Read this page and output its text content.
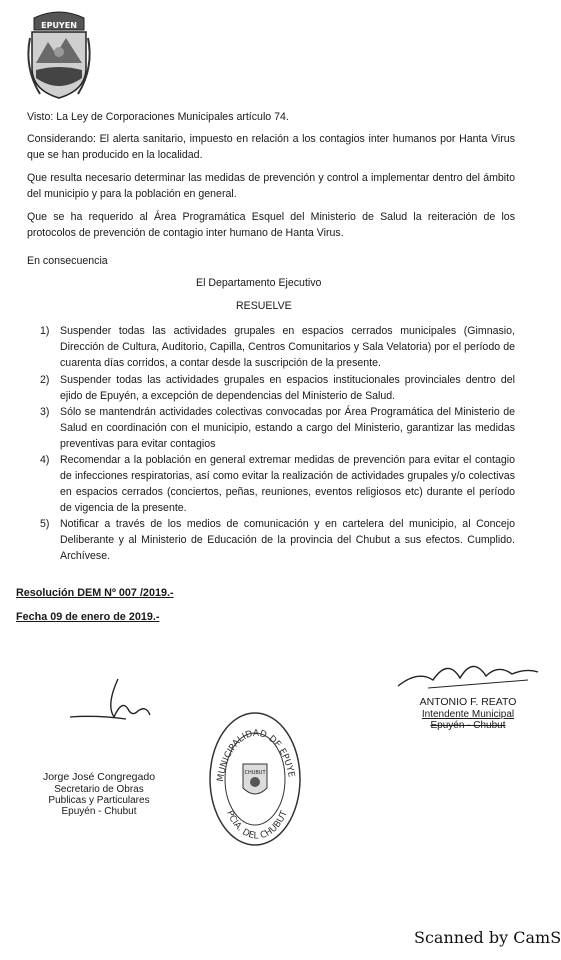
EPUYEN
Visto: La Ley de Corporaciones Municipales artículo 74.
Considerando: El alerta sanitario, impuesto en relación a los contagios inter humanos por Hanta Virus que se han producido en la localidad.
Que resulta necesario determinar las medidas de prevención y control a implementar dentro del ámbito del municipio y para la población en general.
Que se ha requerido al Área Programática Esquel del Ministerio de Salud la reiteración de los protocolos de prevención de contagio inter humano de Hanta Virus.
En consecuencia
El Departamento Ejecutivo
RESUELVE
1) Suspender todas las actividades grupales en espacios cerrados municipales (Gimnasio, Dirección de Cultura, Auditorio, Capilla, Centros Comunitarios y Sala Velatoria) por el período de cuarenta días corridos, a contar desde la suscripción de la presente.
2) Suspender todas las actividades grupales en espacios institucionales provinciales dentro del ejido de Epuyén, a excepción de dependencias del Ministerio de Salud.
3) Sólo se mantendrán actividades colectivas convocadas por Área Programática del Ministerio de Salud en coordinación con el municipio, estando a cargo del Ministerio, garantizar las medidas preventivas para evitar contagios
4) Recomendar a la población en general extremar medidas de prevención para evitar el contagio de infecciones respiratorias, así como evitar la realización de actividades grupales y/o colectivas en espacios cerrados (conciertos, peñas, reuniones, eventos religiosos etc) durante el período de vigencia de la presente.
5) Notificar a través de los medios de comunicación y en cartelera del municipio, al Concejo Deliberante y al Ministerio de Educación de la provincia del Chubut a sus efectos. Cumplido. Archívese.
Resolución DEM Nº 007 /2019.-
Fecha 09 de enero de 2019.-
ANTONIO F. REATO
Intendente Municipal
Epuyén - Chubut
Jorge José Congregado
Secretario de Obras
Publicas y Particulares
Epuyén - Chubut
MUNICIPALIDAD DE EPUYE
PCIA. DEL CHUBUT
CHUBUT
Scanned by CamS
